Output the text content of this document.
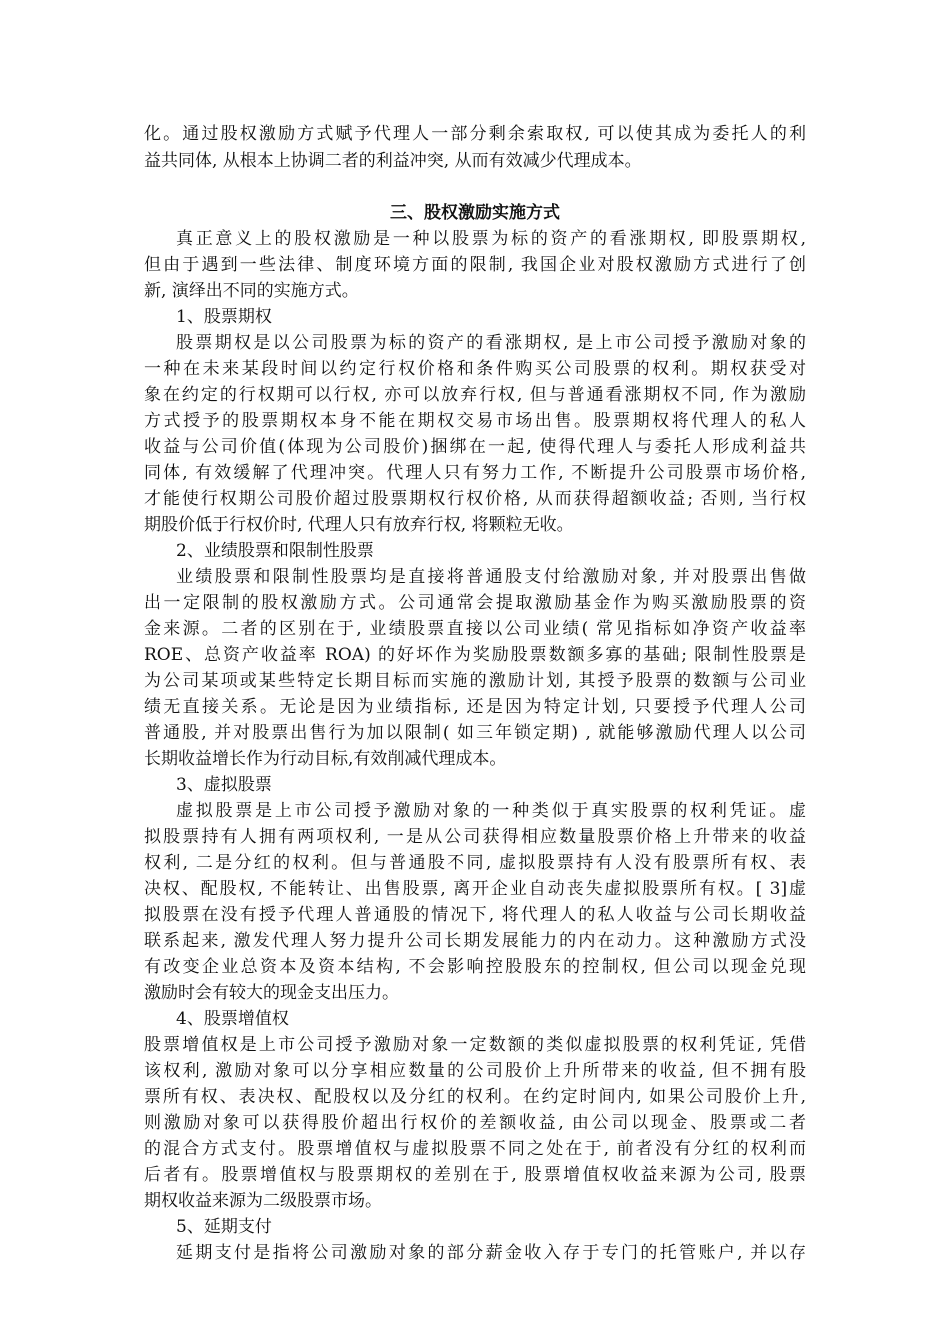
化。通过股权激励方式赋予代理人一部分剩余索取权, 可以使其成为委托人的利
益共同体, 从根本上协调二者的利益冲突, 从而有效减少代理成本。
三、股权激励实施方式
真正意义上的股权激励是一种以股票为标的资产的看涨期权, 即股票期权,
但由于遇到一些法律、制度环境方面的限制, 我国企业对股权激励方式进行了创
新, 演绎出不同的实施方式。
1、股票期权
股票期权是以公司股票为标的资产的看涨期权, 是上市公司授予激励对象的
一种在未来某段时间以约定行权价格和条件购买公司股票的权利。期权获受对
象在约定的行权期可以行权, 亦可以放弃行权, 但与普通看涨期权不同, 作为激励
方式授予的股票期权本身不能在期权交易市场出售。股票期权将代理人的私人
收益与公司价值(体现为公司股价)捆绑在一起, 使得代理人与委托人形成利益共
同体, 有效缓解了代理冲突。代理人只有努力工作, 不断提升公司股票市场价格,
才能使行权期公司股价超过股票期权行权价格, 从而获得超额收益; 否则, 当行权
期股价低于行权价时, 代理人只有放弃行权, 将颗粒无收。
2、业绩股票和限制性股票
业绩股票和限制性股票均是直接将普通股支付给激励对象, 并对股票出售做
出一定限制的股权激励方式。公司通常会提取激励基金作为购买激励股票的资
金来源。二者的区别在于, 业绩股票直接以公司业绩( 常见指标如净资产收益率
ROE、总资产收益率 ROA) 的好坏作为奖励股票数额多寡的基础; 限制性股票是
为公司某项或某些特定长期目标而实施的激励计划, 其授予股票的数额与公司业
绩无直接关系。无论是因为业绩指标, 还是因为特定计划, 只要授予代理人公司
普通股, 并对股票出售行为加以限制( 如三年锁定期) , 就能够激励代理人以公司
长期收益增长作为行动目标,有效削减代理成本。
3、虚拟股票
虚拟股票是上市公司授予激励对象的一种类似于真实股票的权利凭证。虚
拟股票持有人拥有两项权利, 一是从公司获得相应数量股票价格上升带来的收益
权利, 二是分红的权利。但与普通股不同, 虚拟股票持有人没有股票所有权、表
决权、配股权, 不能转让、出售股票, 离开企业自动丧失虚拟股票所有权。[ 3]虚
拟股票在没有授予代理人普通股的情况下, 将代理人的私人收益与公司长期收益
联系起来, 激发代理人努力提升公司长期发展能力的内在动力。这种激励方式没
有改变企业总资本及资本结构, 不会影响控股股东的控制权, 但公司以现金兑现
激励时会有较大的现金支出压力。
4、股票增值权
股票增值权是上市公司授予激励对象一定数额的类似虚拟股票的权利凭证, 凭借
该权利, 激励对象可以分享相应数量的公司股价上升所带来的收益, 但不拥有股
票所有权、表决权、配股权以及分红的权利。在约定时间内, 如果公司股价上升,
则激励对象可以获得股价超出行权价的差额收益, 由公司以现金、股票或二者
的混合方式支付。股票增值权与虚拟股票不同之处在于, 前者没有分红的权利而
后者有。股票增值权与股票期权的差别在于, 股票增值权收益来源为公司, 股票
期权收益来源为二级股票市场。
5、延期支付
延期支付是指将公司激励对象的部分薪金收入存于专门的托管账户, 并以存
